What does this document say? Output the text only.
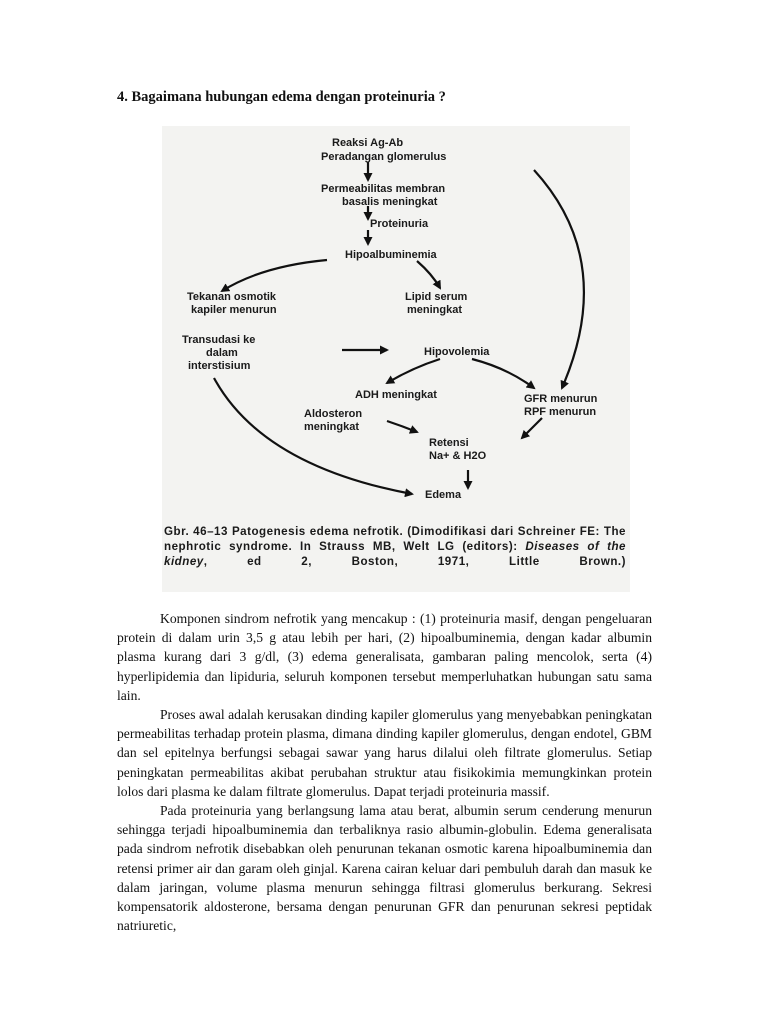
4. Bagaimana hubungan edema dengan proteinuria ?
Reaksi Ag-Ab Peradangan glomerulus
Permeabilitas membran basalis meningkat
Proteinuria
Hipoalbuminemia
Tekanan osmotik kapiler menurun
Lipid serum meningkat
Transudasi ke dalam interstisium
Hipovolemia
ADH meningkat	GFR menurun RPF menurun
Aldosteron meningkat
Retensi Na+ & H2O
Edema
Gbr. 46–13 Patogenesis edema nefrotik. (Dimodifikasi dari Schreiner FE: The nephrotic syndrome. In Strauss MB, Welt LG (editors): Diseases of the kidney, ed 2, Boston, 1971, Little Brown.)

Komponen sindrom nefrotik yang mencakup : (1) proteinuria masif, dengan pengeluaran protein di dalam urin 3,5 g atau lebih per hari, (2) hipoalbuminemia, dengan kadar albumin plasma kurang dari 3 g/dl, (3) edema generalisata, gambaran paling mencolok, serta (4) hyperlipidemia dan lipiduria, seluruh komponen tersebut memperluhatkan hubungan satu sama lain.

Proses awal adalah kerusakan dinding kapiler glomerulus yang menyebabkan peningkatan permeabilitas terhadap protein plasma, dimana dinding kapiler glomerulus, dengan endotel, GBM dan sel epitelnya berfungsi sebagai sawar yang harus dilalui oleh filtrate glomerulus. Setiap peningkatan permeabilitas akibat perubahan struktur atau fisikokimia memungkinkan protein lolos dari plasma ke dalam filtrate glomerulus. Dapat terjadi proteinuria massif.

Pada proteinuria yang berlangsung lama atau berat, albumin serum cenderung menurun sehingga terjadi hipoalbuminemia dan terbaliknya rasio albumin-globulin. Edema generalisata pada sindrom nefrotik disebabkan oleh penurunan tekanan osmotic karena hipoalbuminemia dan retensi primer air dan garam oleh ginjal. Karena cairan keluar dari pembuluh darah dan masuk ke dalam jaringan, volume plasma menurun sehingga filtrasi glomerulus berkurang. Sekresi kompensatorik aldosterone, bersama dengan penurunan GFR dan penurunan sekresi peptidak natriuretic,
